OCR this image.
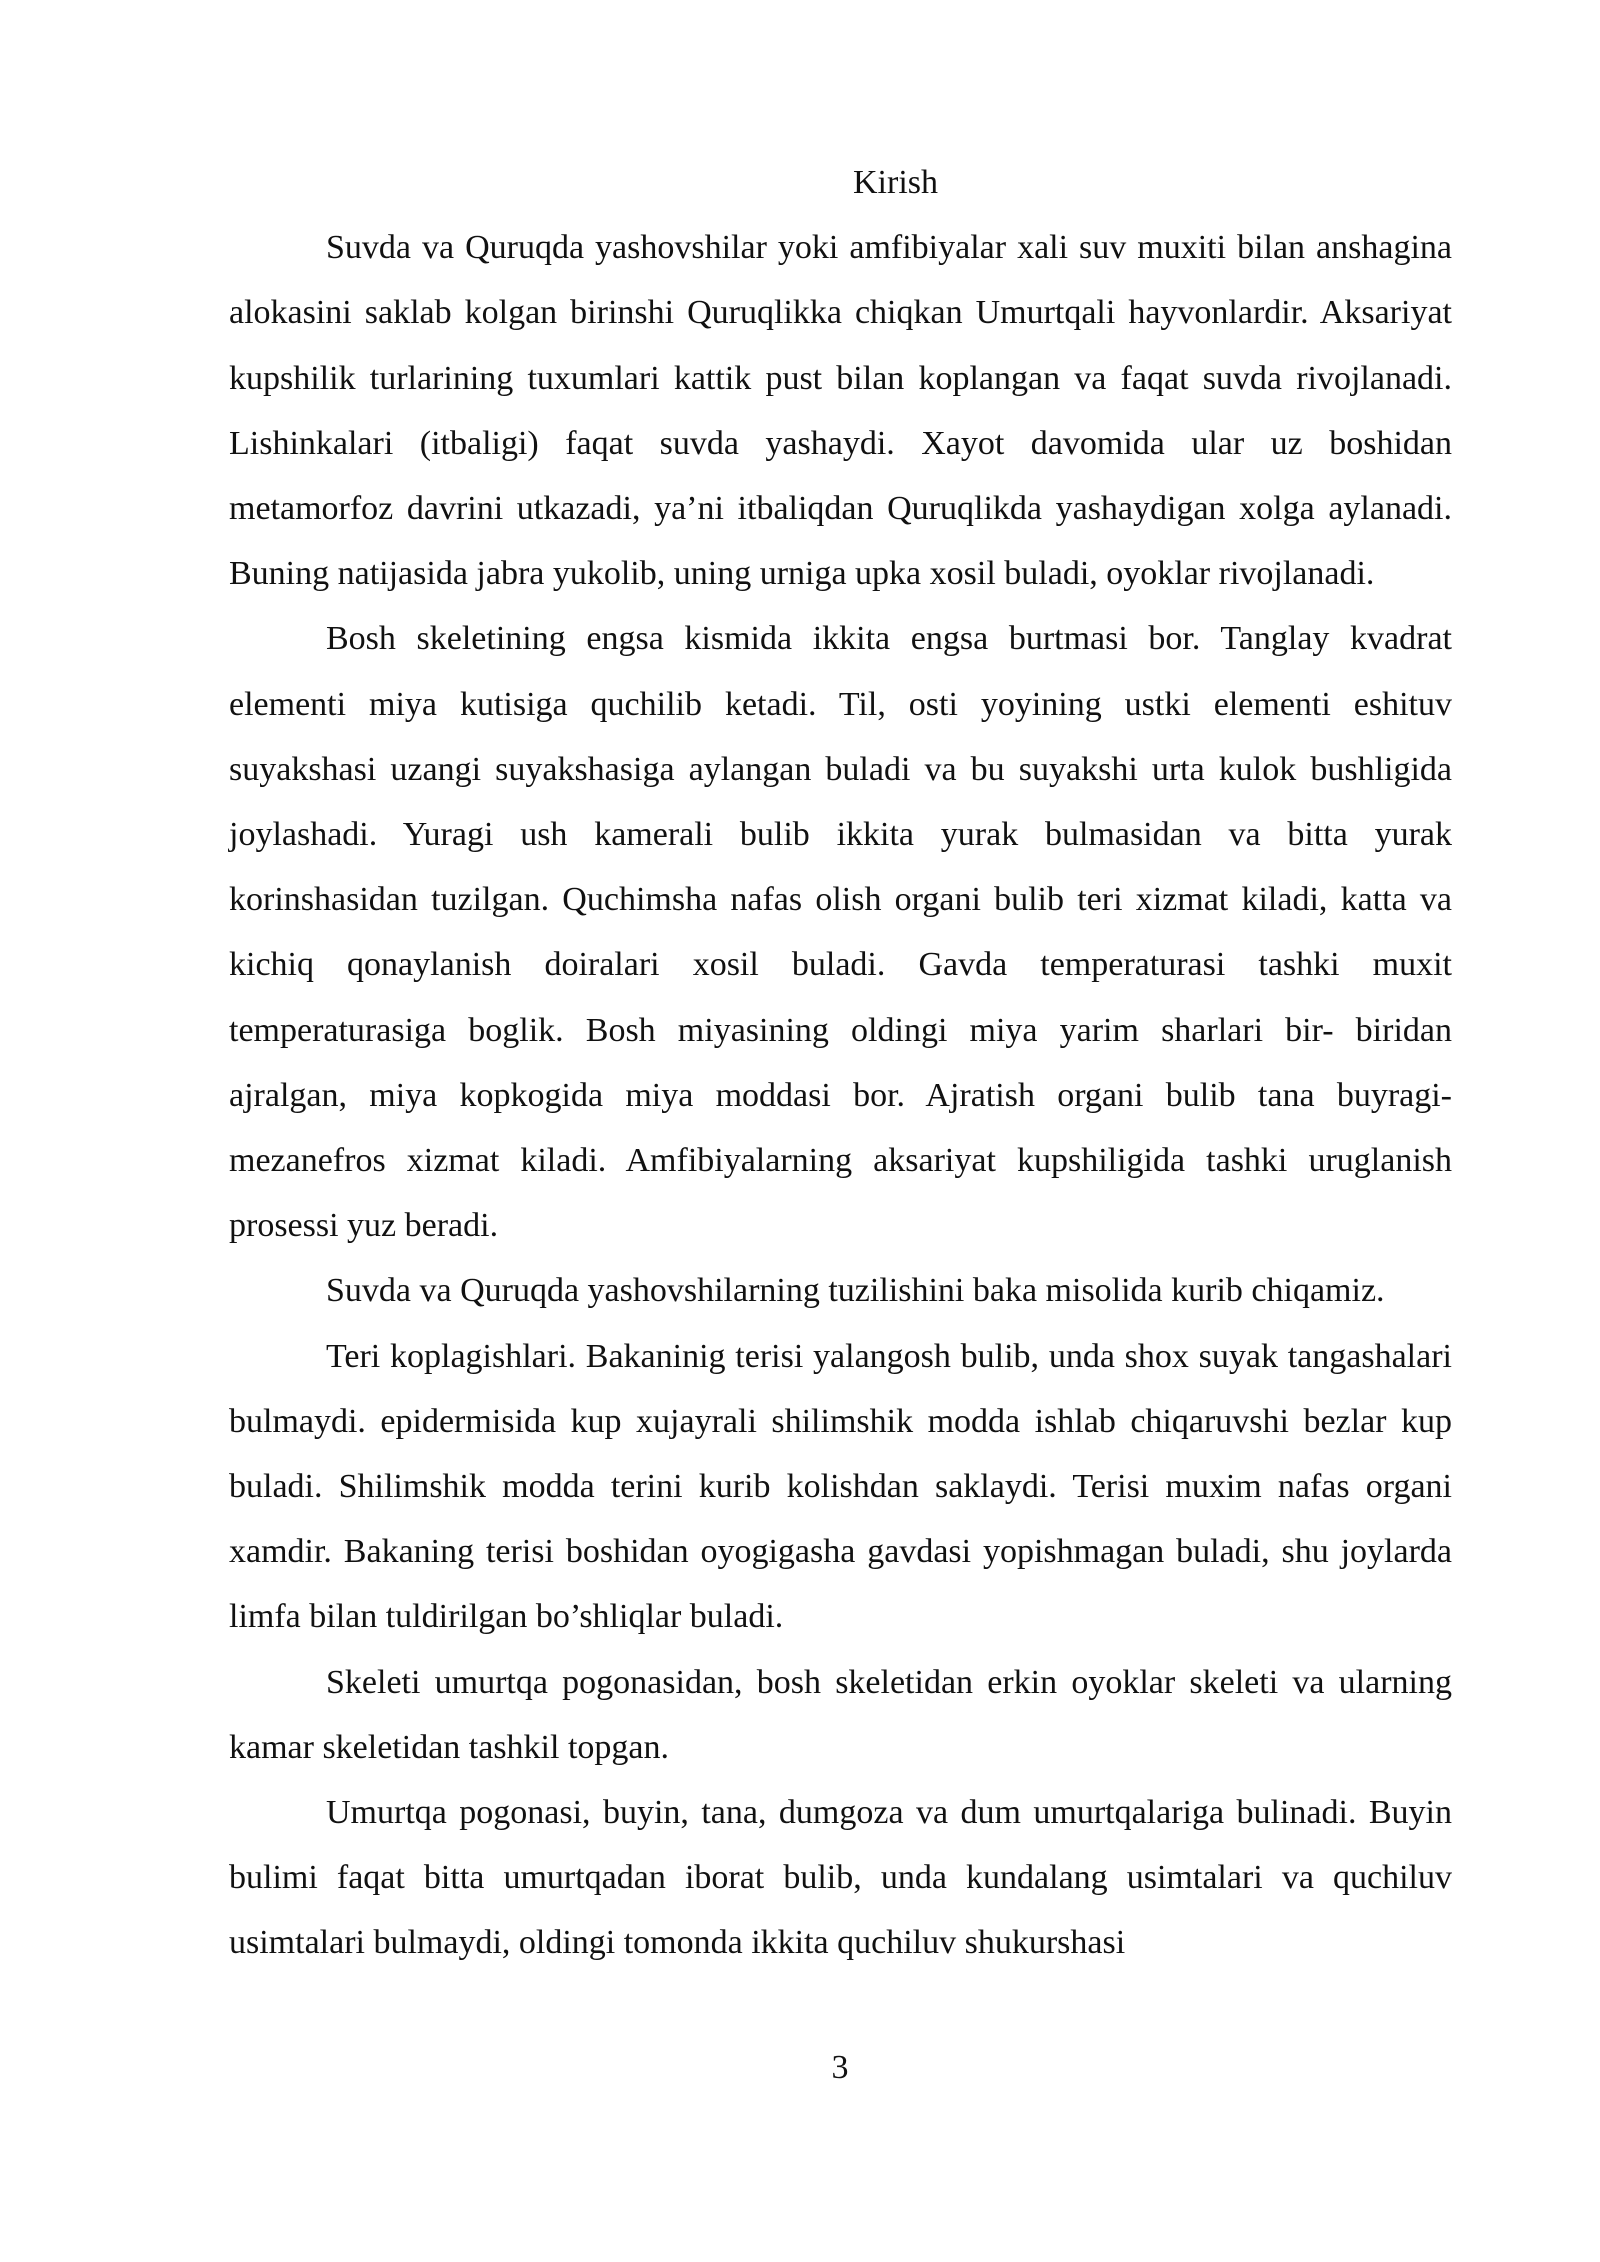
Kirish

Suvda va Quruqda yashovshilar yoki amfibiyalar xali suv muxiti bilan anshagina alokasini saklab kolgan birinshi Quruqlikka chiqkan Umurtqali hayvonlardir. Aksariyat kupshilik turlarining tuxumlari kattik pust bilan koplangan va faqat suvda rivojlanadi. Lishinkalari (itbaligi) faqat suvda yashaydi. Xayot davomida ular uz boshidan metamorfoz davrini utkazadi, ya’ni itbaliqdan Quruqlikda yashaydigan xolga aylanadi. Buning natijasida jabra yukolib, uning urniga upka xosil buladi, oyoklar rivojlanadi.

Bosh skeletining engsa kismida ikkita engsa burtmasi bor. Tanglay kvadrat elementi miya kutisiga quchilib ketadi. Til, osti yoyining ustki elementi eshituv suyakshasi uzangi suyakshasiga aylangan buladi va bu suyakshi urta kulok bushligida joylashadi. Yuragi ush kamerali bulib ikkita yurak bulmasidan va bitta yurak korinshasidan tuzilgan. Quchimsha nafas olish organi bulib teri xizmat kiladi, katta va kichiq qonaylanish doiralari xosil buladi. Gavda temperaturasi tashki muxit temperaturasiga boglik. Bosh miyasining oldingi miya yarim sharlari bir- biridan ajralgan, miya kopkogida miya moddasi bor. Ajratish organi bulib tana buyragi- mezanefros xizmat kiladi. Amfibiyalarning aksariyat kupshiligida tashki uruglanish prosessi yuz beradi.

Suvda va Quruqda yashovshilarning tuzilishini baka misolida kurib chiqamiz.

Teri koplagishlari. Bakaninig terisi yalangosh bulib, unda shox suyak tangashalari bulmaydi. epidermisida kup xujayrali shilimshik modda ishlab chiqaruvshi bezlar kup buladi. Shilimshik modda terini kurib kolishdan saklaydi. Terisi muxim nafas organi xamdir. Bakaning terisi boshidan oyogigasha gavdasi yopishmagan buladi, shu joylarda limfa bilan tuldirilgan bo’shliqlar buladi.

Skeleti umurtqa pogonasidan, bosh skeletidan erkin oyoklar skeleti va ularning kamar skeletidan tashkil topgan.

Umurtqa pogonasi, buyin, tana, dumgoza va dum umurtqalariga bulinadi. Buyin bulimi faqat bitta umurtqadan iborat bulib, unda kundalang usimtalari va quchiluv usimtalari bulmaydi, oldingi tomonda ikkita quchiluv shukurshasi

3
